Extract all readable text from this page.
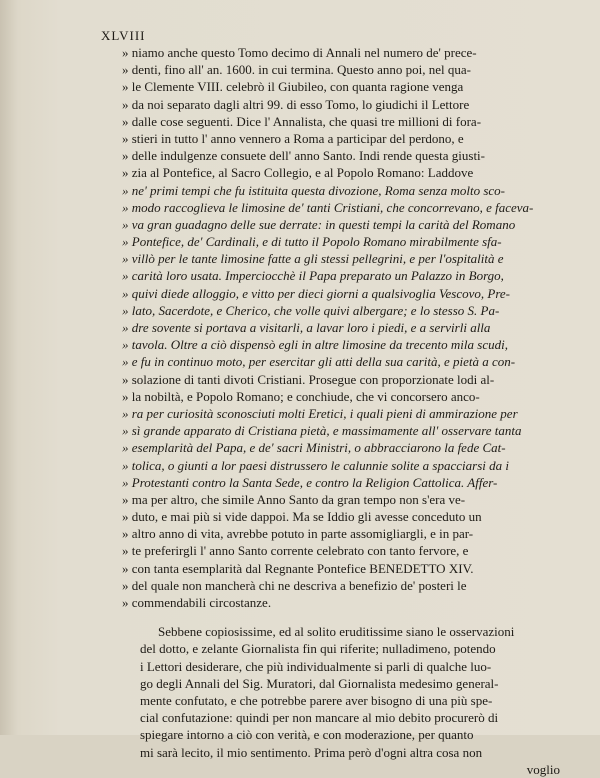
XLVIII
» niamo anche questo Tomo decimo di Annali nel numero de' prece-
» denti, fino all' an. 1600. in cui termina. Questo anno poi, nel qua-
» le Clemente VIII. celebrò il Giubileo, con quanta ragione venga
» da noi separato dagli altri 99. di esso Tomo, lo giudichi il Lettore
» dalle cose seguenti. Dice l' Annalista, che quasi tre millioni di fora-
» stieri in tutto l' anno vennero a Roma a participar del perdono, e
» delle indulgenze consuete dell' anno Santo. Indi rende questa giusti-
» zia al Pontefice, al Sacro Collegio, e al Popolo Romano: Laddove
» ne' primi tempi che fu istituita questa divozione, Roma senza molto sco-
» modo raccoglieva le limosine de' tanti Cristiani, che concorrevano, e faceva-
» va gran guadagno delle sue derrate: in questi tempi la carità del Romano
» Pontefice, de' Cardinali, e di tutto il Popolo Romano mirabilmente sfa-
» villò per le tante limosine fatte a gli stessi pellegrini, e per l'ospitalità e
» carità loro usata. Imperciocchè il Papa preparato un Palazzo in Borgo,
» quivi diede alloggio, e vitto per dieci giorni a qualsivoglia Vescovo, Pre-
» lato, Sacerdote, e Cherico, che volle quivi albergare; e lo stesso S. Pa-
» dre sovente si portava a visitarli, a lavar loro i piedi, e a servirli alla
» tavola. Oltre a ciò dispensò egli in altre limosine da trecento mila scudi,
» e fu in continuo moto, per esercitar gli atti della sua carità, e pietà a con-
» solazione di tanti divoti Cristiani. Prosegue con proporzionate lodi al-
» la nobiltà, e Popolo Romano; e conchiude, che vi concorsero anco-
» ra per curiosità sconosciuti molti Eretici, i quali pieni di ammirazione per
» sì grande apparato di Cristiana pietà, e massimamente all' osservare tanta
» esemplarità del Papa, e de' sacri Ministri, o abbracciarono la fede Cat-
» tolica, o giunti a lor paesi distrussero le calunnie solite a spacciarsi da i
» Protestanti contro la Santa Sede, e contro la Religion Cattolica. Affer-
» ma per altro, che simile Anno Santo da gran tempo non s'era ve-
» duto, e mai più si vide dappoi. Ma se Iddio gli avesse conceduto un
» altro anno di vita, avrebbe potuto in parte assomigliargli, e in par-
» te preferirgli l' anno Santo corrente celebrato con tanto fervore, e
» con tanta esemplarità dal Regnante Pontefice BENEDETTO XIV.
» del quale non mancherà chi ne descriva a benefizio de' posteri le
» commendabili circostanze.
Sebbene copiosissime, ed al solito eruditissime siano le osservazioni
del dotto, e zelante Giornalista fin qui riferite; nulladimeno, potendo
i Lettori desiderare, che più individualmente si parli di qualche luo-
go degli Annali del Sig. Muratori, dal Giornalista medesimo general-
mente confutato, e che potrebbe parere aver bisogno di una più spe-
cial confutazione: quindi per non mancare al mio debito procurerò di
spiegare intorno a ciò con verità, e con moderazione, per quanto
mi sarà lecito, il mio sentimento. Prima però d'ogni altra cosa non
voglio
